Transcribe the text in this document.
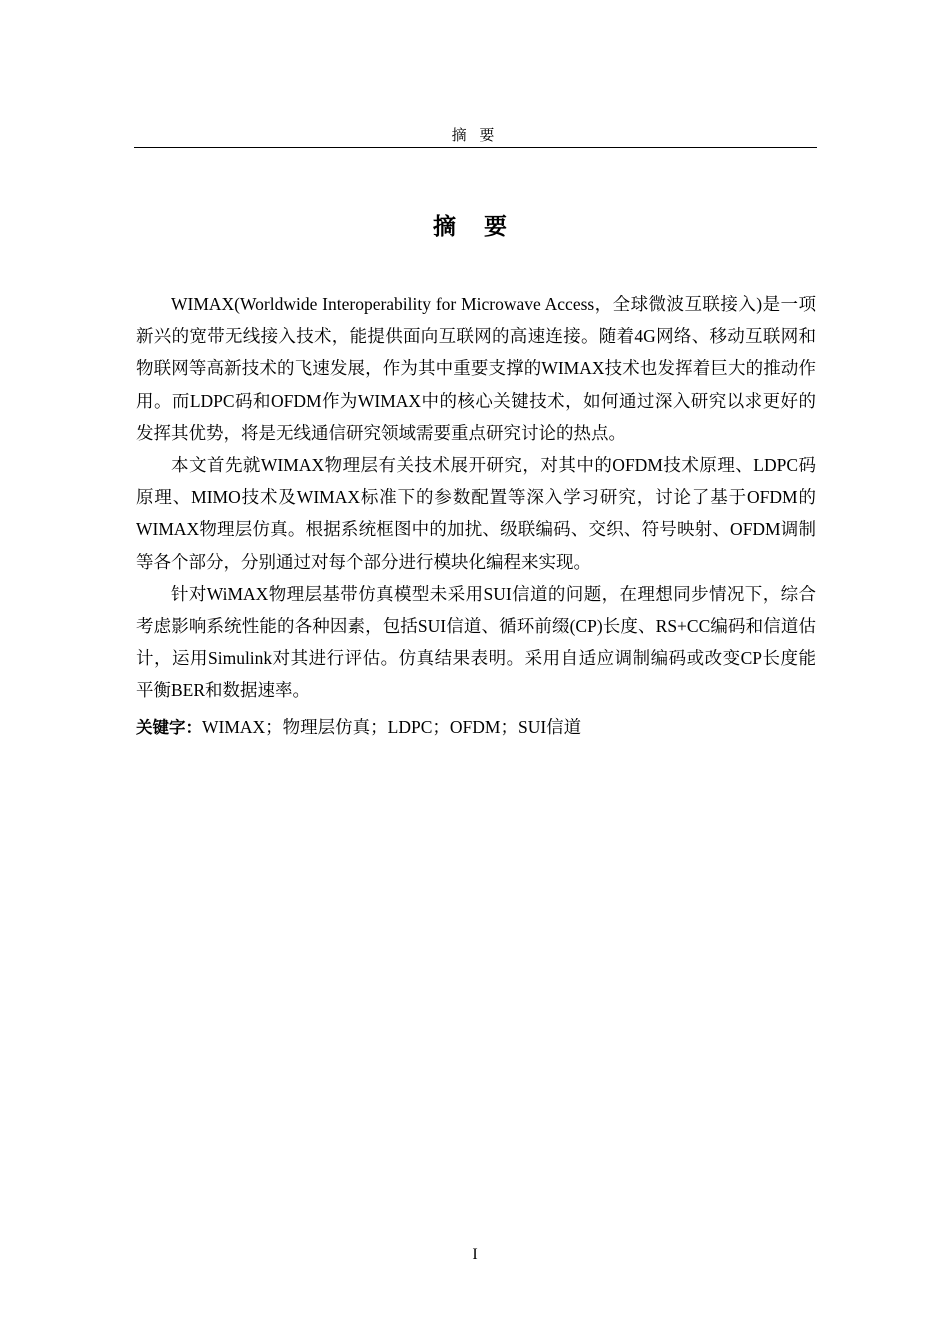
摘 要
摘 要

WIMAX(Worldwide Interoperability for Microwave Access，全球微波互联接入)是一项新兴的宽带无线接入技术，能提供面向互联网的高速连接。随着4G网络、移动互联网和物联网等高新技术的飞速发展，作为其中重要支撑的WIMAX技术也发挥着巨大的推动作用。而LDPC码和OFDM作为WIMAX中的核心关键技术，如何通过深入研究以求更好的发挥其优势，将是无线通信研究领域需要重点研究讨论的热点。

本文首先就WIMAX物理层有关技术展开研究，对其中的OFDM技术原理、LDPC码原理、MIMO技术及WIMAX标准下的参数配置等深入学习研究，讨论了基于OFDM的WIMAX物理层仿真。根据系统框图中的加扰、级联编码、交织、符号映射、OFDM调制等各个部分，分别通过对每个部分进行模块化编程来实现。

针对WiMAX物理层基带仿真模型未采用SUI信道的问题，在理想同步情况下，综合考虑影响系统性能的各种因素，包括SUI信道、循环前缀(CP)长度、RS+CC编码和信道估计，运用Simulink对其进行评估。仿真结果表明。采用自适应调制编码或改变CP长度能平衡BER和数据速率。

关键字：WIMAX；物理层仿真；LDPC；OFDM；SUI信道
I
